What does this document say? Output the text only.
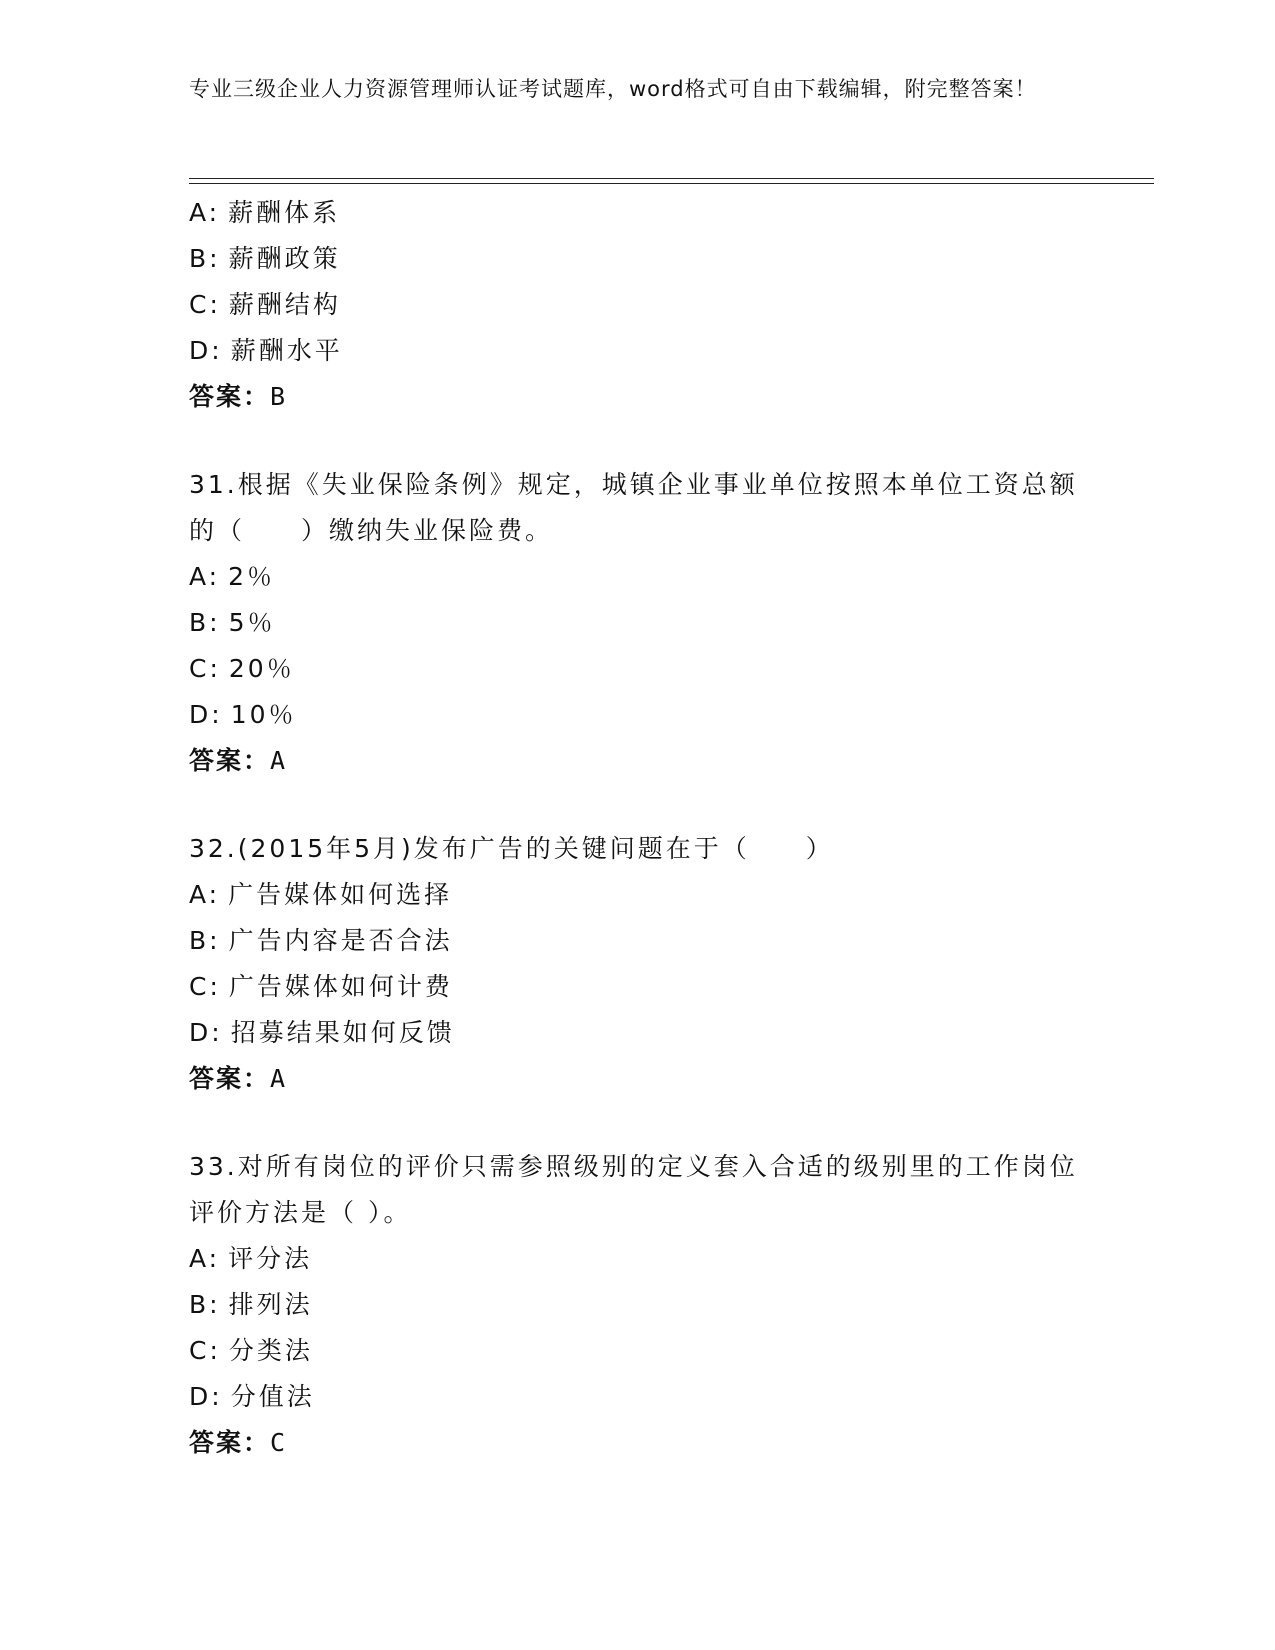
专业三级企业人力资源管理师认证考试题库，word格式可自由下载编辑，附完整答案！
A: 薪酬体系
B: 薪酬政策
C: 薪酬结构
D: 薪酬水平
答案：B
31.根据《失业保险条例》规定，城镇企业事业单位按照本单位工资总额的（　　）缴纳失业保险费。
A: 2％
B: 5％
C: 20％
D: 10％
答案：A
32.(2015年5月)发布广告的关键问题在于（　　）
A: 广告媒体如何选择
B: 广告内容是否合法
C: 广告媒体如何计费
D: 招募结果如何反馈
答案：A
33.对所有岗位的评价只需参照级别的定义套入合适的级别里的工作岗位评价方法是（ ）。
A: 评分法
B: 排列法
C: 分类法
D: 分值法
答案：C
